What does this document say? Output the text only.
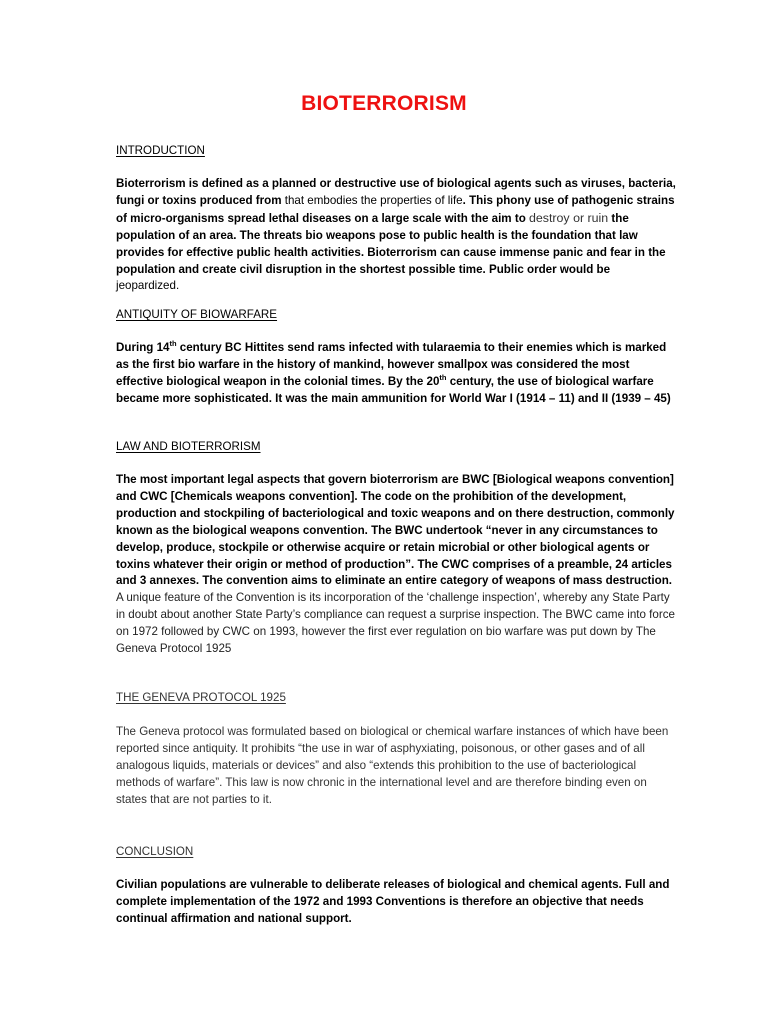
BIOTERRORISM
INTRODUCTION

Bioterrorism is defined as a planned or destructive use of biological agents such as viruses, bacteria, fungi or toxins produced from that embodies the properties of life. This phony use of pathogenic strains of micro-organisms spread lethal diseases on a large scale with the aim to destroy or ruin the population of an area. The threats bio weapons pose to public health is the foundation that law provides for effective public health activities. Bioterrorism can cause immense panic and fear in the population and create civil disruption in the shortest possible time. Public order would be jeopardized.

ANTIQUITY OF BIOWARFARE

During 14th century BC Hittites send rams infected with tularaemia to their enemies which is marked as the first bio warfare in the history of mankind, however smallpox was considered the most effective biological weapon in the colonial times. By the 20th century, the use of biological warfare became more sophisticated. It was the main ammunition for World War I (1914 – 11) and II (1939 – 45)

LAW AND BIOTERRORISM

The most important legal aspects that govern bioterrorism are BWC [Biological weapons convention] and CWC [Chemicals weapons convention]. The code on the prohibition of the development, production and stockpiling of bacteriological and toxic weapons and on there destruction, commonly known as the biological weapons convention. The BWC undertook “never in any circumstances to develop, produce, stockpile or otherwise acquire or retain microbial or other biological agents or toxins whatever their origin or method of production”. The CWC comprises of a preamble, 24 articles and 3 annexes. The convention aims to eliminate an entire category of weapons of mass destruction. A unique feature of the Convention is its incorporation of the ‘challenge inspection’, whereby any State Party in doubt about another State Party’s compliance can request a surprise inspection. The BWC came into force on 1972 followed by CWC on 1993, however the first ever regulation on bio warfare was put down by The Geneva Protocol 1925

THE GENEVA PROTOCOL 1925

The Geneva protocol was formulated based on biological or chemical warfare instances of which have been reported since antiquity. It prohibits “the use in war of asphyxiating, poisonous, or other gases and of all analogous liquids, materials or devices” and also “extends this prohibition to the use of bacteriological methods of warfare”. This law is now chronic in the international level and are therefore binding even on states that are not parties to it.

CONCLUSION

Civilian populations are vulnerable to deliberate releases of biological and chemical agents. Full and complete implementation of the 1972 and 1993 Conventions is therefore an objective that needs continual affirmation and national support.
